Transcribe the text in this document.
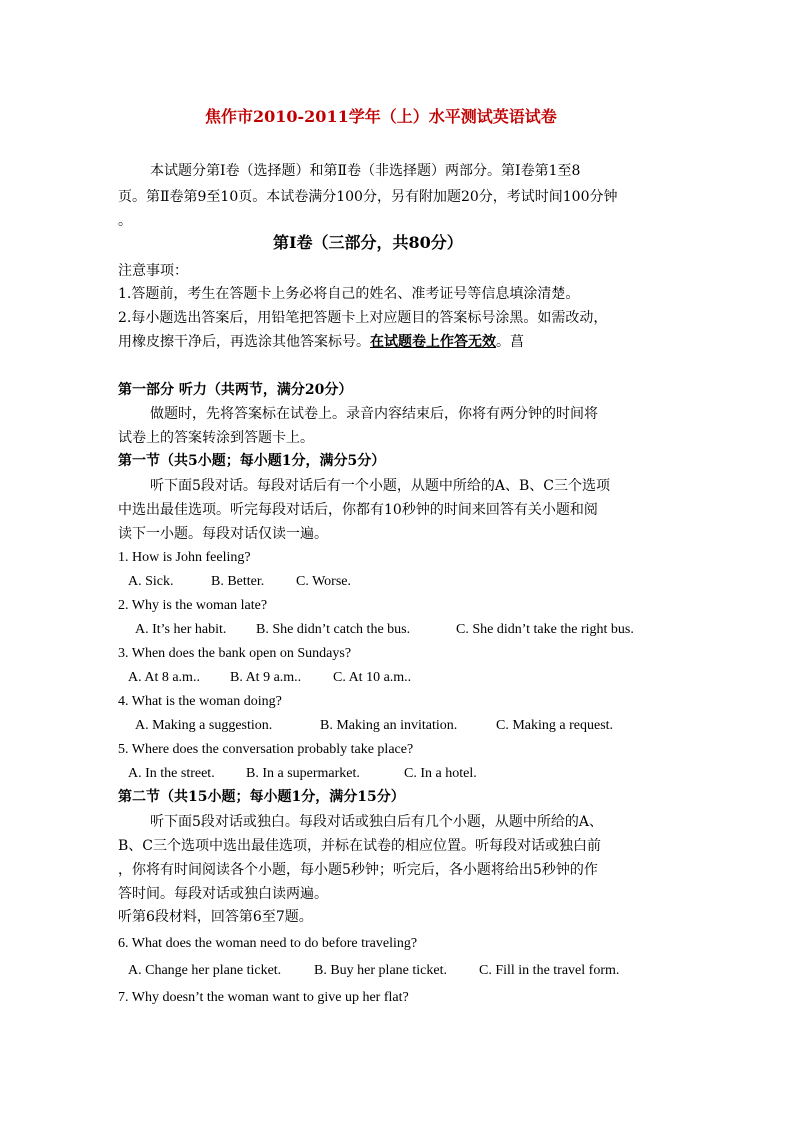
焦作市2010-2011学年（上）水平测试英语试卷
本试题分第Ⅰ卷（选择题）和第Ⅱ卷（非选择题）两部分。第Ⅰ卷第1至8
页。第Ⅱ卷第9至10页。本试卷满分100分，另有附加题20分，考试时间100分钟
。
第Ⅰ卷（三部分，共80分）
注意事项：
1.答题前，考生在答题卡上务必将自己的姓名、准考证号等信息填涂清楚。
2.每小题选出答案后，用铅笔把答题卡上对应题目的答案标号涂黑。如需改动，
用橡皮擦干净后，再选涂其他答案标号。在试题卷上作答无效。菖
第一部分 听力（共两节，满分20分）
做题时，先将答案标在试卷上。录音内容结束后，你将有两分钟的时间将
试卷上的答案转涂到答题卡上。
第一节（共5小题；每小题1分，满分5分）
听下面5段对话。每段对话后有一个小题，从题中所给的A、B、C三个选项
中选出最佳选项。听完每段对话后，你都有10秒钟的时间来回答有关小题和阅
读下一小题。每段对话仅读一遍。
1. How is John feeling?
A. Sick.	B. Better. C. Worse.
2. Why is the woman late?
A. It’s her habit. B. She didn’t catch the bus.	C. She didn’t take the right bus.
3. When does the bank open on Sundays?
A. At 8 a.m.. B. At 9 a.m.. C. At 10 a.m..
4. What is the woman doing?
A. Making a suggestion.	B. Making an invitation.	C. Making a request.
5. Where does the conversation probably take place?
A. In the street. B. In a supermarket.	C. In a hotel.
第二节（共15小题；每小题1分，满分15分）
听下面5段对话或独白。每段对话或独白后有几个小题，从题中所给的A、
B、C三个选项中选出最佳选项，并标在试卷的相应位置。听每段对话或独白前
，你将有时间阅读各个小题，每小题5秒钟；听完后，各小题将给出5秒钟的作
答时间。每段对话或独白读两遍。
听第6段材料，回答第6至7题。
6. What does the woman need to do before traveling?
A. Change her plane ticket. B. Buy her plane ticket. C. Fill in the travel form.
7. Why doesn’t the woman want to give up her flat?
